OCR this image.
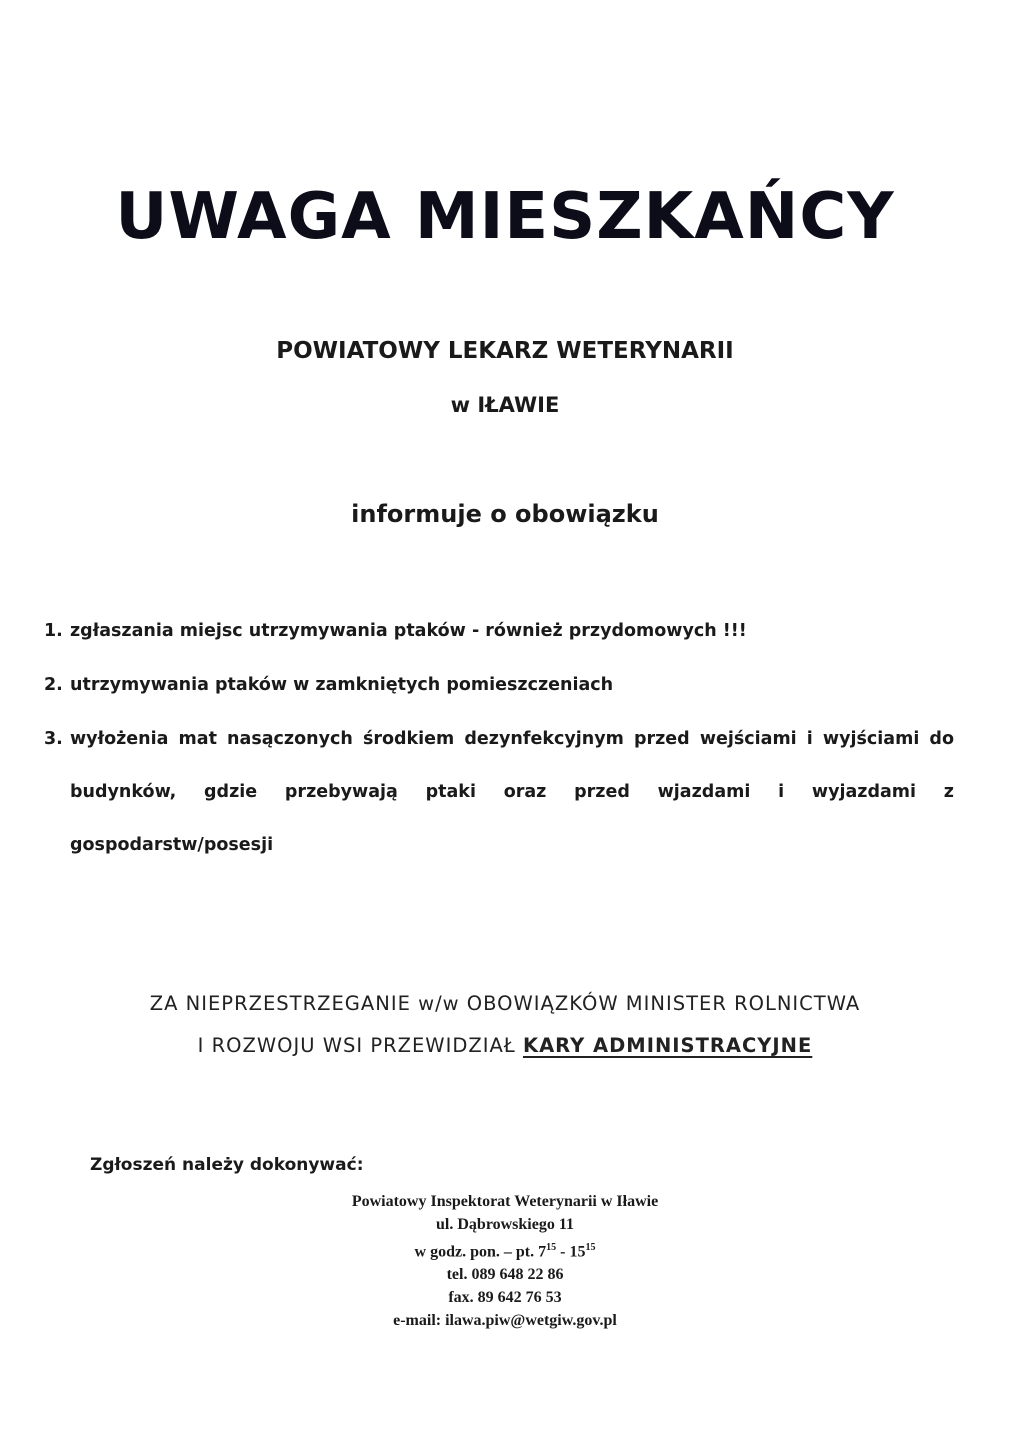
UWAGA MIESZKAŃCY
POWIATOWY LEKARZ WETERYNARII
w IŁAWIE
informuje o obowiązku
1. zgłaszania miejsc utrzymywania ptaków - również przydomowych !!!
2. utrzymywania ptaków w zamkniętych pomieszczeniach
3. wyłożenia mat nasączonych środkiem dezynfekcyjnym przed wejściami i wyjściami do budynków, gdzie przebywają ptaki oraz przed wjazdami i wyjazdami z gospodarstw/posesji
ZA NIEPRZESTRZEGANIE w/w OBOWIĄZKÓW MINISTER ROLNICTWA
I ROZWOJU WSI PRZEWIDZIAŁ KARY ADMINISTRACYJNE
Zgłoszeń należy dokonywać:
Powiatowy Inspektorat Weterynarii w Iławie
ul. Dąbrowskiego 11
w godz. pon. – pt. $7^{15} - 15^{15}$
tel. 089 648 22 86
fax. 89 642 76 53
e-mail: ilawa.piw@wetgiw.gov.pl
